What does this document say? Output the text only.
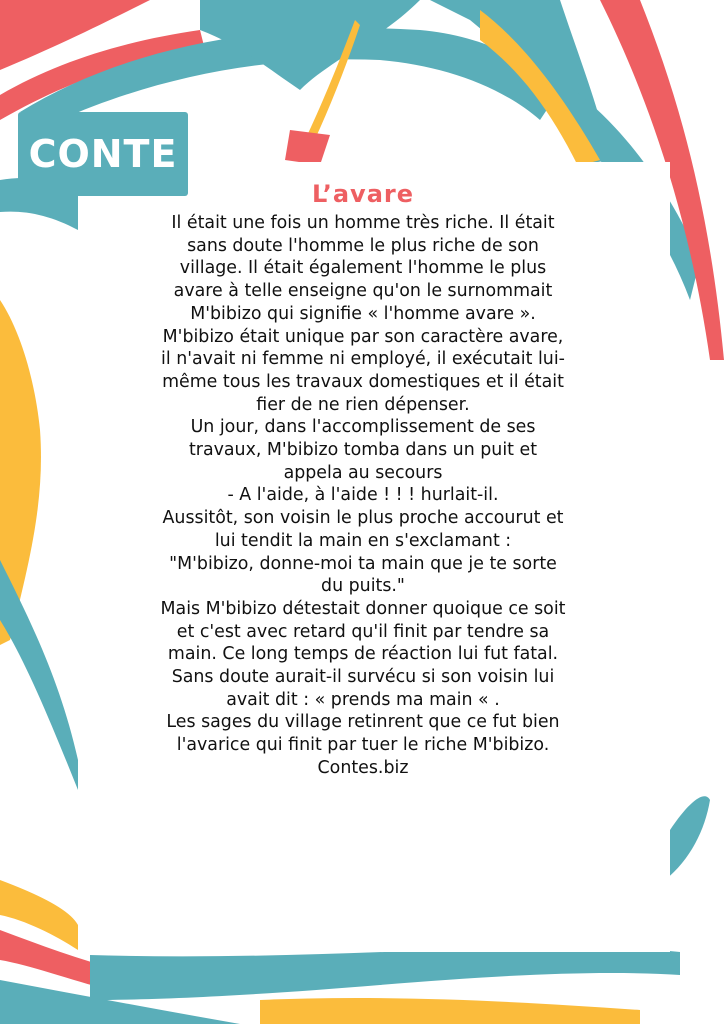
CONTE
L’avare

Il était une fois un homme très riche. Il était sans doute l'homme le plus riche de son village. Il était également l'homme le plus avare à telle enseigne qu'on le surnommait M'bibizo qui signifie « l'homme avare ».

M'bibizo était unique par son caractère avare, il n'avait ni femme ni employé, il exécutait lui-même tous les travaux domestiques et il était fier de ne rien dépenser.

Un jour, dans l'accomplissement de ses travaux, M'bibizo tomba dans un puit et appela au secours

- A l'aide, à l'aide ! ! ! hurlait-il.

Aussitôt, son voisin le plus proche accourut et lui tendit la main en s'exclamant :

"M'bibizo, donne-moi ta main que je te sorte du puits."

Mais M'bibizo détestait donner quoique ce soit et c'est avec retard qu'il finit par tendre sa main. Ce long temps de réaction lui fut fatal. Sans doute aurait-il survécu si son voisin lui avait dit : « prends ma main « .

Les sages du village retinrent que ce fut bien l'avarice qui finit par tuer le riche M'bibizo.

Contes.biz
